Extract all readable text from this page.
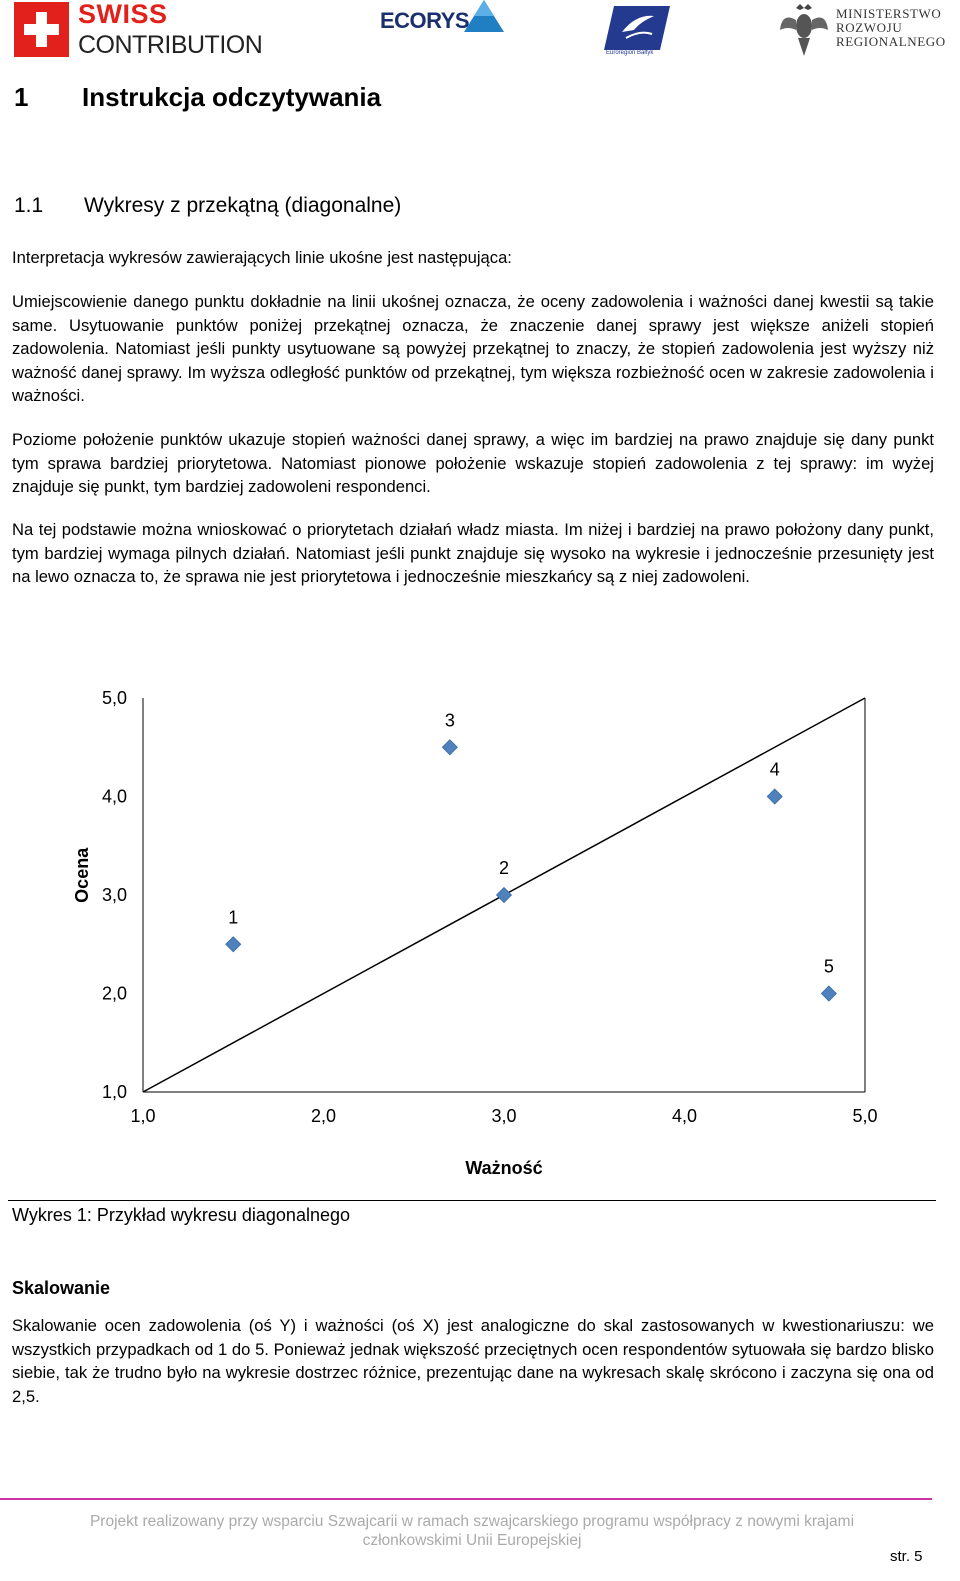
SWISS
CONTRIBUTION
ECORYS
Euroregion Bałtyk
MINISTERSTWO
ROZWOJU
REGIONALNEGO
1 Instrukcja odczytywania
1.1 Wykresy z przekątną (diagonalne)
Interpretacja wykresów zawierających linie ukośne jest następująca:
Umiejscowienie danego punktu dokładnie na linii ukośnej oznacza, że oceny zadowolenia i ważności danej kwestii są takie same. Usytuowanie punktów poniżej przekątnej oznacza, że znaczenie danej sprawy jest większe aniżeli stopień zadowolenia. Natomiast jeśli punkty usytuowane są powyżej przekątnej to znaczy, że stopień zadowolenia jest wyższy niż ważność danej sprawy. Im wyższa odległość punktów od przekątnej, tym większa rozbieżność ocen w zakresie zadowolenia i ważności.
Poziome położenie punktów ukazuje stopień ważności danej sprawy, a więc im bardziej na prawo znajduje się dany punkt tym sprawa bardziej priorytetowa. Natomiast pionowe położenie wskazuje stopień zadowolenia z tej sprawy: im wyżej znajduje się punkt, tym bardziej zadowoleni respondenci.
Na tej podstawie można wnioskować o priorytetach działań władz miasta. Im niżej i bardziej na prawo położony dany punkt, tym bardziej wymaga pilnych działań. Natomiast jeśli punkt znajduje się wysoko na wykresie i jednocześnie przesunięty jest na lewo oznacza to, że sprawa nie jest priorytetowa i jednocześnie mieszkańcy są z niej zadowoleni.
1,0
2,0
3,0
4,0
5,0
1,0	2,0	3,0	4,0	5,0
1
2
3
4
5
Ważność
Ocena
Wykres 1: Przykład wykresu diagonalnego
Skalowanie
Skalowanie ocen zadowolenia (oś Y) i ważności (oś X) jest analogiczne do skal zastosowanych w kwestionariuszu: we wszystkich przypadkach od 1 do 5. Ponieważ jednak większość przeciętnych ocen respondentów sytuowała się bardzo blisko siebie, tak że trudno było na wykresie dostrzec różnice, prezentując dane na wykresach skalę skrócono i zaczyna się ona od 2,5.
Projekt realizowany przy wsparciu Szwajcarii w ramach szwajcarskiego programu współpracy z nowymi krajami członkowskimi Unii Europejskiej
str. 5
